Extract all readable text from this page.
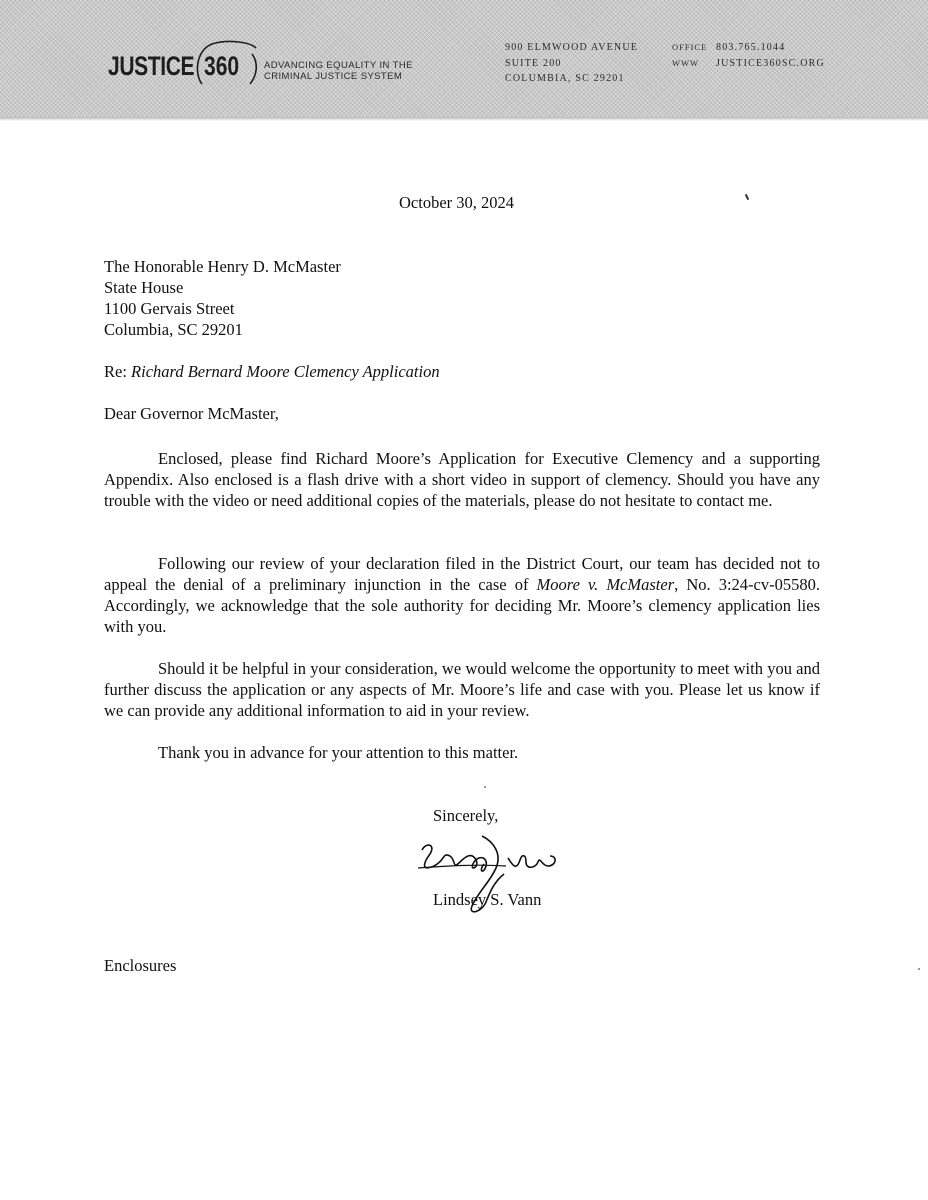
JUSTICE 360	ADVANCING EQUALITY IN THE
CRIMINAL JUSTICE SYSTEM
900 ELMWOOD AVENUE
SUITE 200
COLUMBIA, SC 29201
OFFICE 803.765.1044
WWW JUSTICE360SC.ORG
October 30, 2024
The Honorable Henry D. McMaster
State House
1100 Gervais Street
Columbia, SC 29201
Re: Richard Bernard Moore Clemency Application
Dear Governor McMaster,
Enclosed, please find Richard Moore’s Application for Executive Clemency and a supporting Appendix. Also enclosed is a flash drive with a short video in support of clemency. Should you have any trouble with the video or need additional copies of the materials, please do not hesitate to contact me.
Following our review of your declaration filed in the District Court, our team has decided not to appeal the denial of a preliminary injunction in the case of Moore v. McMaster, No. 3:24-cv-05580. Accordingly, we acknowledge that the sole authority for deciding Mr. Moore’s clemency application lies with you.
Should it be helpful in your consideration, we would welcome the opportunity to meet with you and further discuss the application or any aspects of Mr. Moore’s life and case with you. Please let us know if we can provide any additional information to aid in your review.
Thank you in advance for your attention to this matter.
Sincerely,
Lindsey S. Vann
Enclosures
